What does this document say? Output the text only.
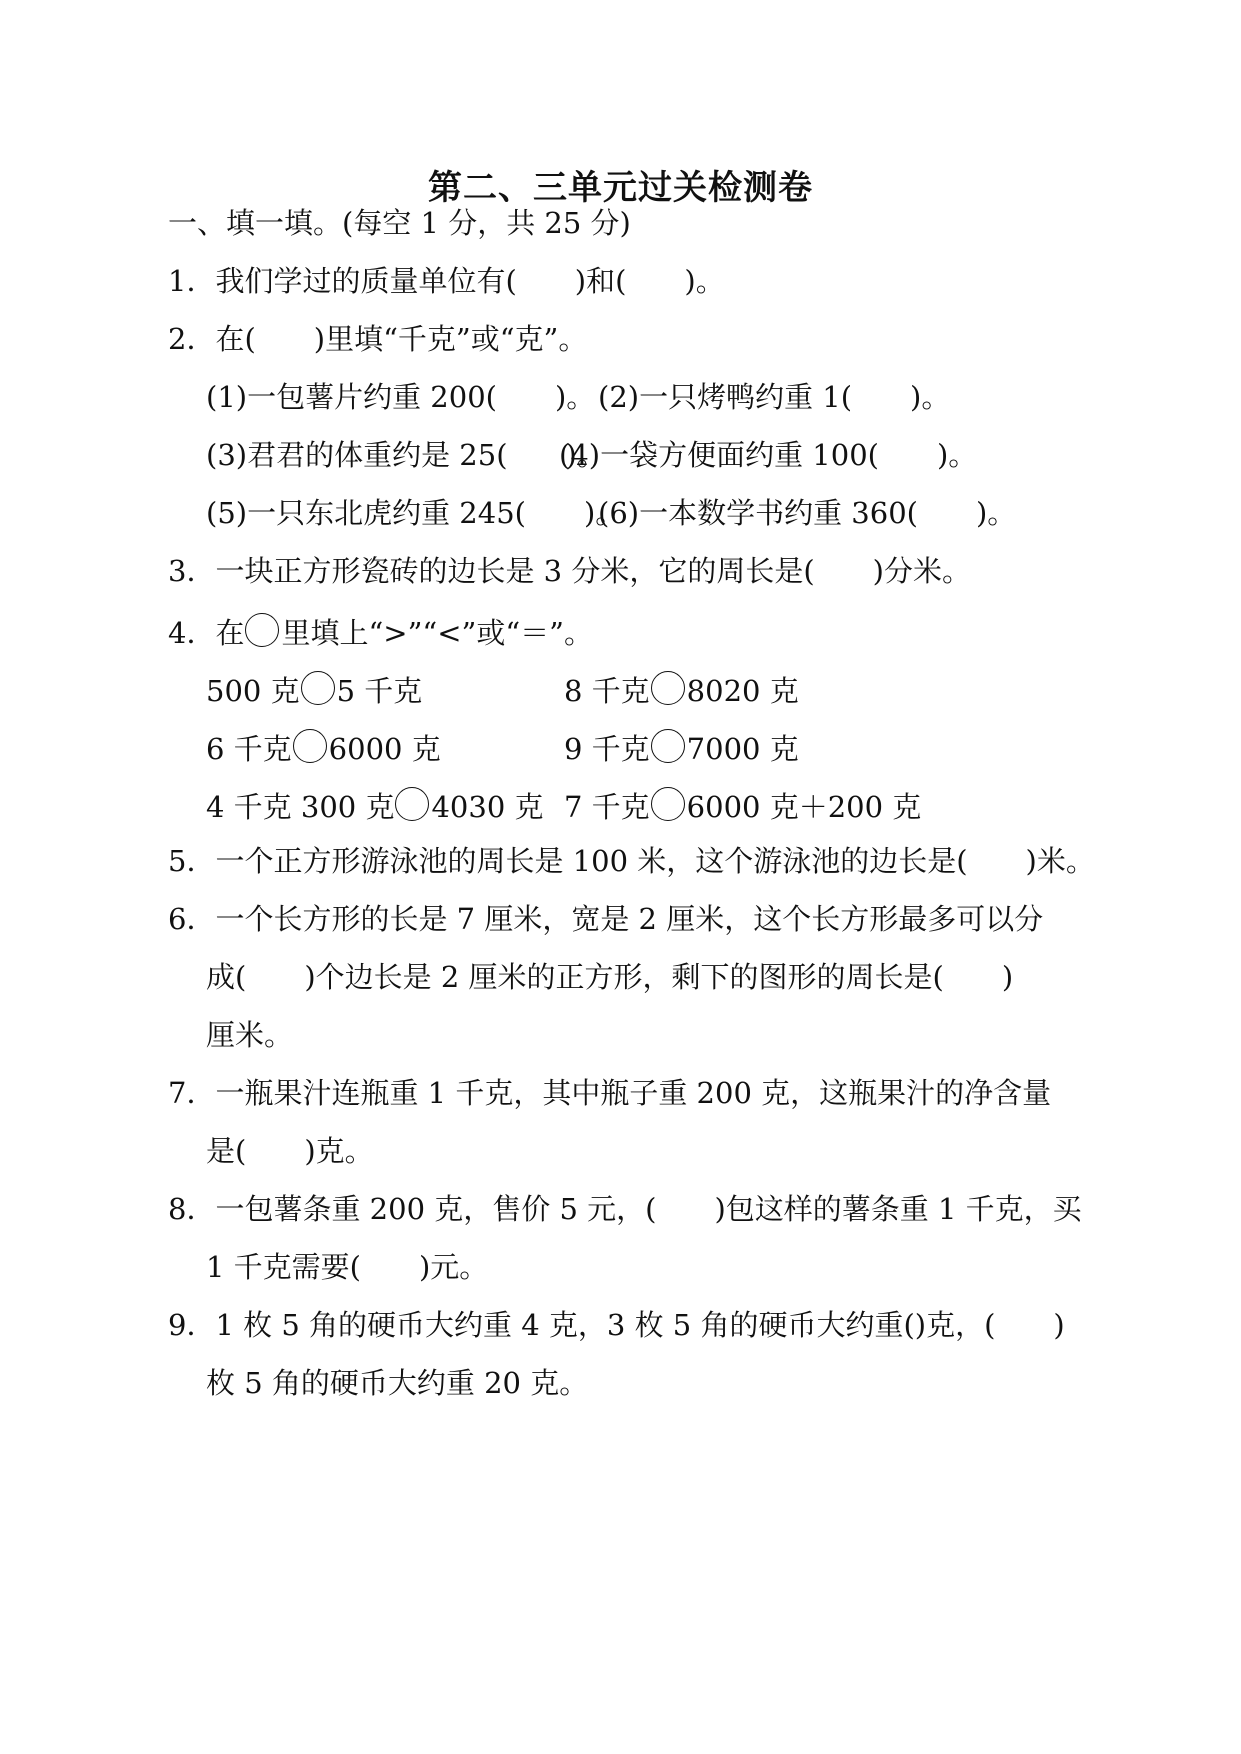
第二、三单元过关检测卷
一、填一填。(每空 1 分，共 25 分)
1．我们学过的质量单位有(　　)和(　　)。
2．在(　　)里填“千克”或“克”。
(1)一包薯片约重 200(　　)。 (2)一只烤鸭约重 1(　　)。
(3)君君的体重约是 25(　　)。
(4)一袋方便面约重 100(　　)。
(5)一只东北虎约重 245(　　)。
(6)一本数学书约重 360(　　)。
3．一块正方形瓷砖的边长是 3 分米，它的周长是(　　)分米。
4．在 里填上“>”“<”或“＝”。
500 克 5 千克	8 千克 8020 克
6 千克 6000 克	9 千克 7000 克
4 千克 300 克 4030 克 7 千克 6000 克＋200 克
5．一个正方形游泳池的周长是 100 米，这个游泳池的边长是(　　)米。
6．一个长方形的长是 7 厘米，宽是 2 厘米，这个长方形最多可以分
成(　　)个边长是 2 厘米的正方形，剩下的图形的周长是(　　)
厘米。
7．一瓶果汁连瓶重 1 千克，其中瓶子重 200 克，这瓶果汁的净含量
是(　　)克。
8．一包薯条重 200 克，售价 5 元，(　　)包这样的薯条重 1 千克，买
1 千克需要(　　)元。
9．1 枚 5 角的硬币大约重 4 克，3 枚 5 角的硬币大约重()克，(　　)
枚 5 角的硬币大约重 20 克。
